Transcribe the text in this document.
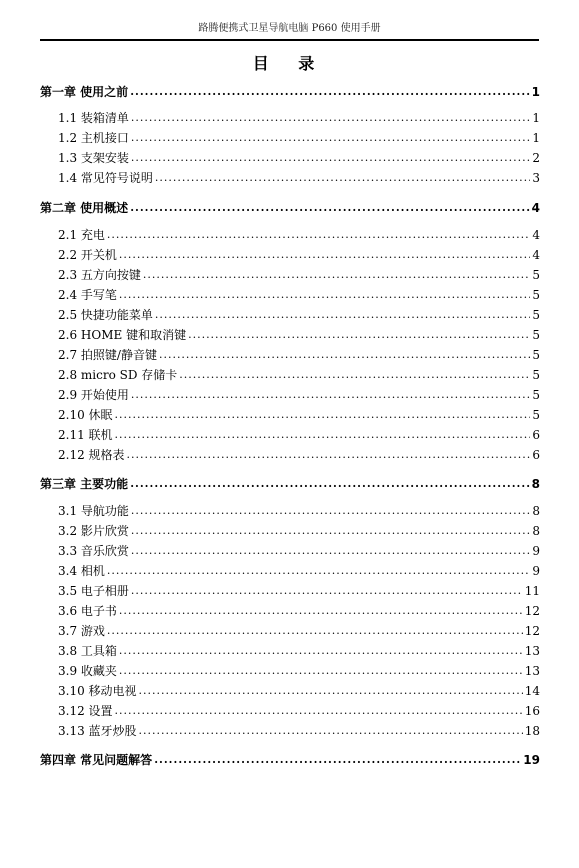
路腾便携式卫星导航电脑 P660 使用手册
目 录
第一章 使用之前 .....	1
1.1 装箱清单 .....	1
1.2 主机接口 .....	1
1.3 支架安装 .....	2
1.4 常见符号说明 .....	3
第二章 使用概述 .....	4
2.1 充电 .....	4
2.2 开关机 .....	4
2.3 五方向按键 .....	5
2.4 手写笔 .....	5
2.5 快捷功能菜单 .....	5
2.6 HOME 键和取消键 .....	5
2.7 拍照键/静音键 .....	5
2.8 micro SD 存储卡 .....	5
2.9 开始使用 .....	5
2.10 休眠 .....	5
2.11 联机 .....	6
2.12 规格表 .....	6
第三章 主要功能 .....	8
3.1 导航功能 .....	8
3.2 影片欣赏 .....	8
3.3 音乐欣赏 .....	9
3.4 相机 .....	9
3.5 电子相册 .....	11
3.6 电子书 .....	12
3.7 游戏 .....	12
3.8 工具箱 .....	13
3.9 收藏夹 .....	13
3.10 移动电视 .....	14
3.12 设置 .....	16
3.13 蓝牙炒股 .....	18
第四章 常见问题解答 .....	19
